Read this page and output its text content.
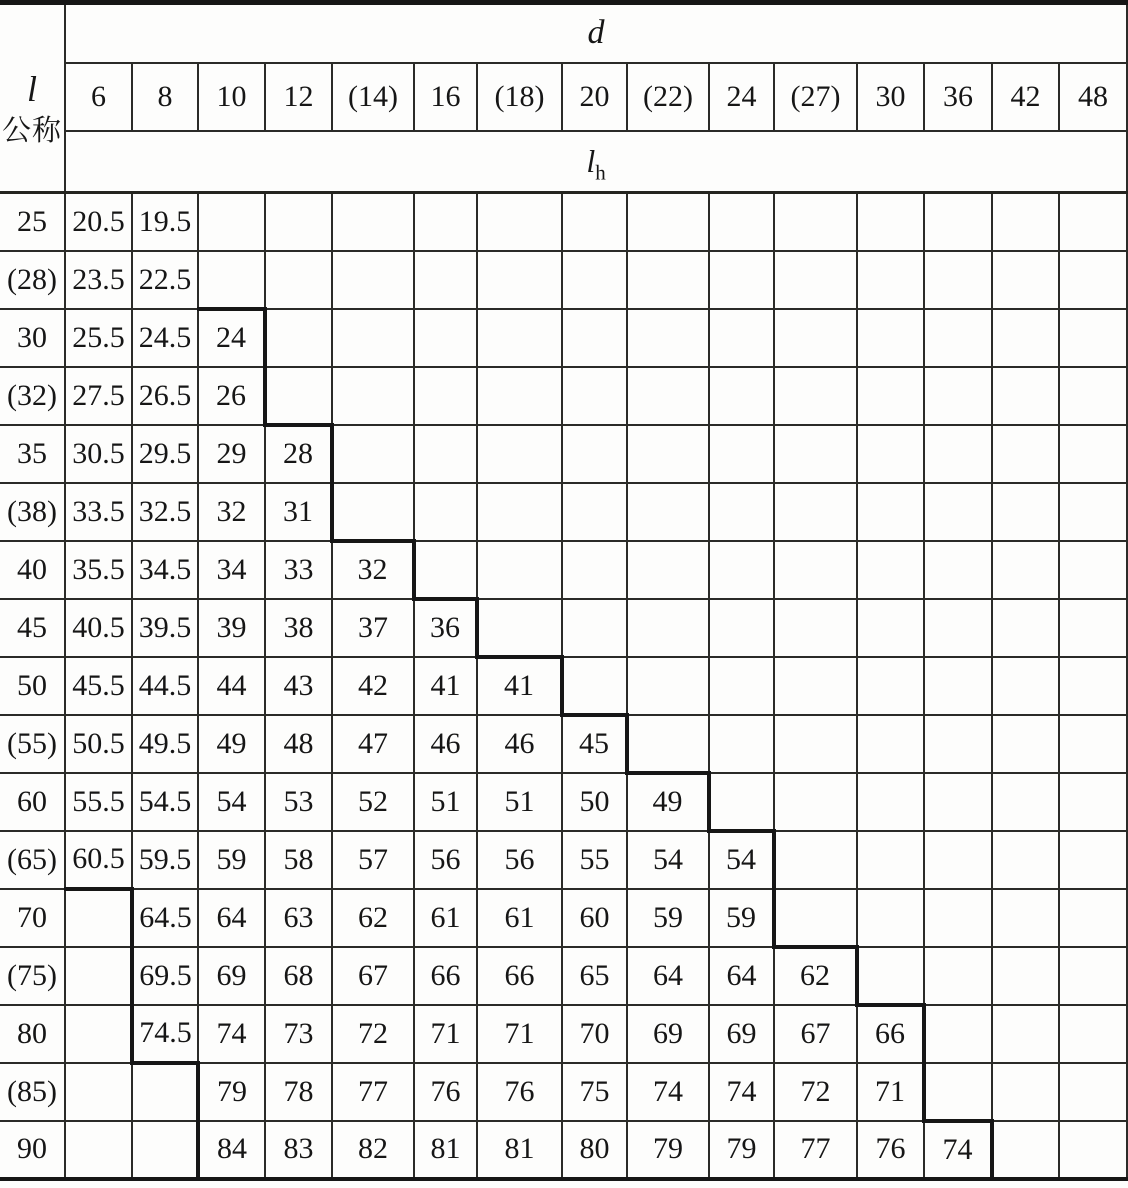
l
公称	d														
	6	8	10	12	(14)	16	(18)	20	(22)	24	(27)	30	36	42	48
	$l_h$
25	20.5	19.5													
(28)	23.5	22.5													
30	25.5	24.5	24												
(32)	27.5	26.5	26												
35	30.5	29.5	29	28											
(38)	33.5	32.5	32	31											
40	35.5	34.5	34	33	32										
45	40.5	39.5	39	38	37	36									
50	45.5	44.5	44	43	42	41	41								
(55)	50.5	49.5	49	48	47	46	46	45							
60	55.5	54.5	54	53	52	51	51	50	49						
(65)	60.5	59.5	59	58	57	56	56	55	54	54					
70		64.5	64	63	62	61	61	60	59	59					
(75)		69.5	69	68	67	66	66	65	64	64	62				
80		74.5	74	73	72	71	71	70	69	69	67	66			
(85)			79	78	77	76	76	75	74	74	72	71			
90			84	83	82	81	81	80	79	79	77	76	74		
